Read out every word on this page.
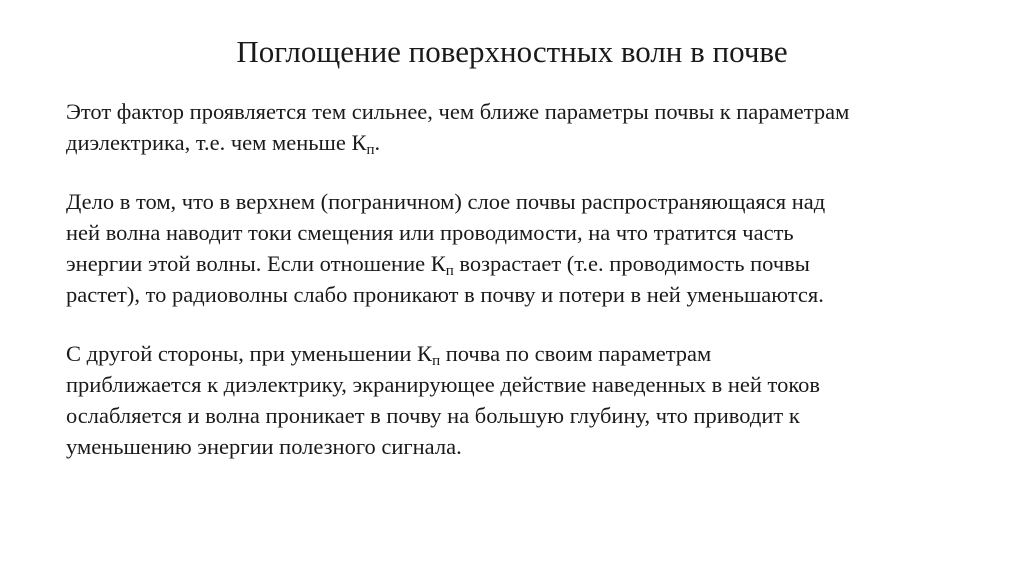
Поглощение поверхностных волн в почве

Этот фактор проявляется тем сильнее, чем ближе параметры почвы к параметрам
диэлектрика, т.е. чем меньше $К_п$.

Дело в том, что в верхнем (пограничном) слое почвы распространяющаяся над
ней волна наводит токи смещения или проводимости, на что тратится часть
энергии этой волны. Если отношение $К_п$ возрастает (т.е. проводимость почвы
растет), то радиоволны слабо проникают в почву и потери в ней уменьшаются.

С другой стороны, при уменьшении $К_п$ почва по своим параметрам
приближается к диэлектрику, экранирующее действие наведенных в ней токов
ослабляется и волна проникает в почву на большую глубину, что приводит к
уменьшению энергии полезного сигнала.
